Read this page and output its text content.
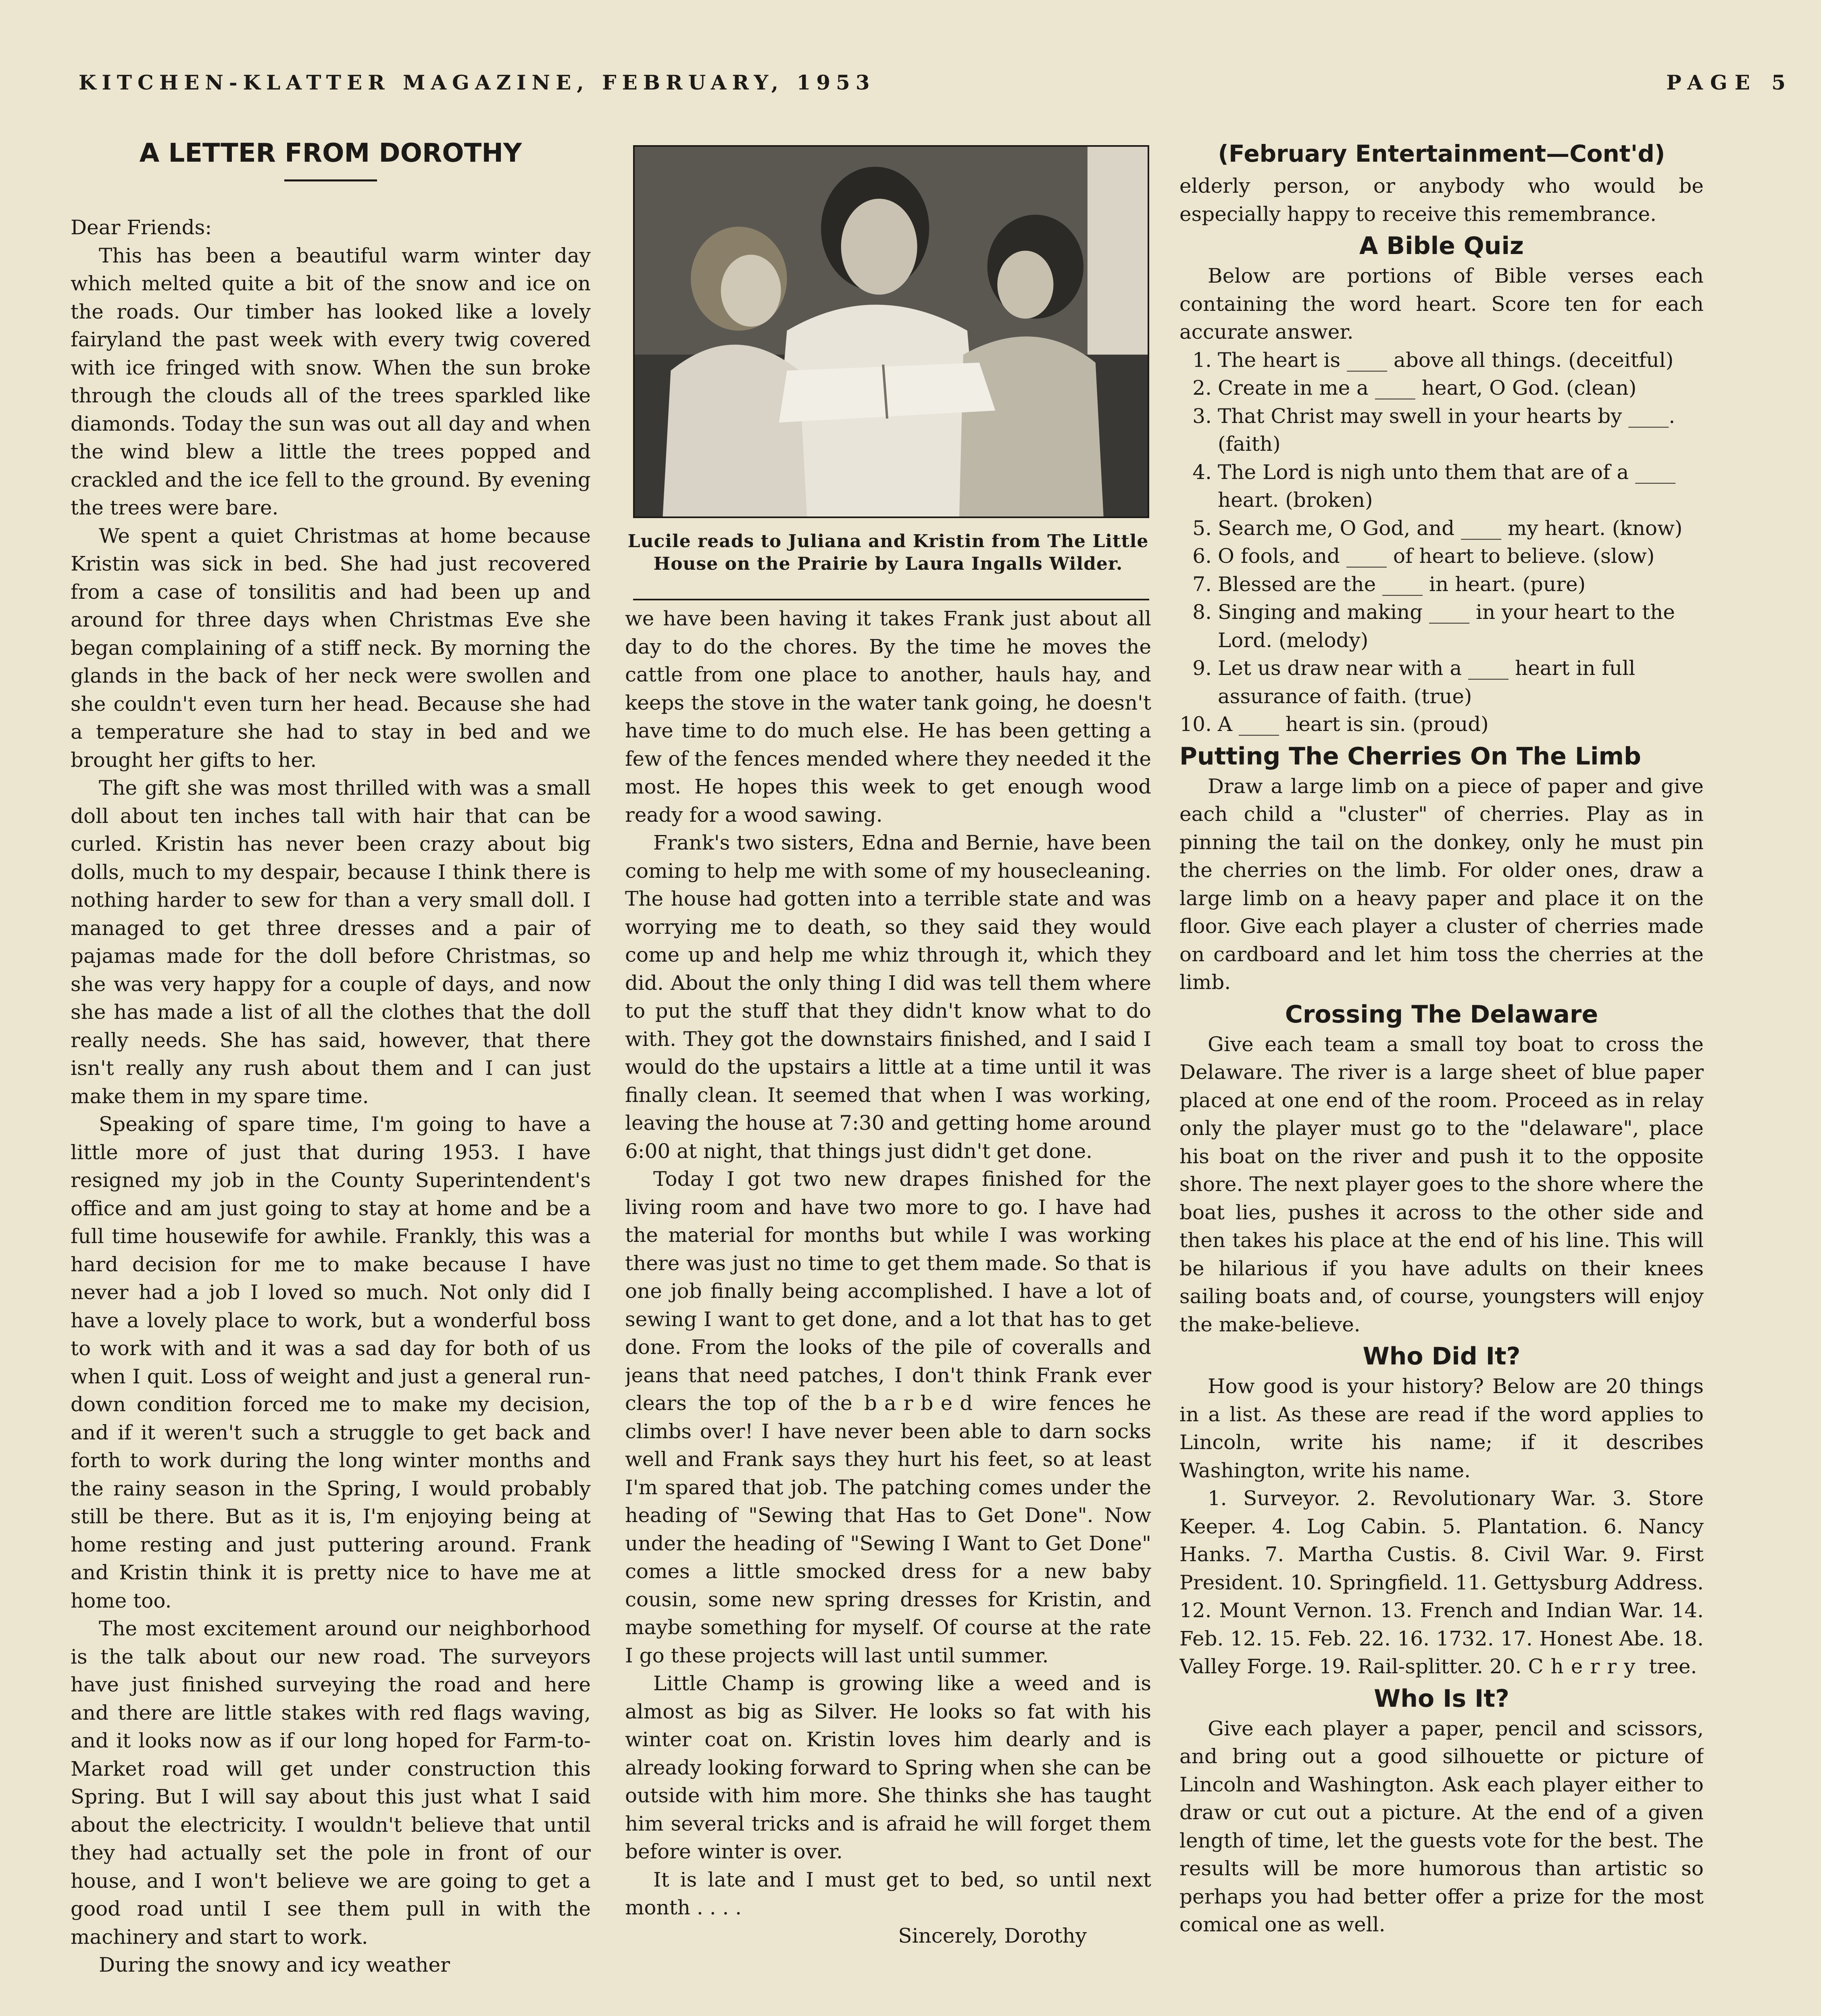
KITCHEN-KLATTER MAGAZINE, FEBRUARY, 1953	PAGE 5
A LETTER FROM DOROTHY

Dear Friends:

This has been a beautiful warm winter day which melted quite a bit of the snow and ice on the roads. Our timber has looked like a lovely fairyland the past week with every twig covered with ice fringed with snow. When the sun broke through the clouds all of the trees sparkled like diamonds. Today the sun was out all day and when the wind blew a little the trees popped and crackled and the ice fell to the ground. By evening the trees were bare.

We spent a quiet Christmas at home because Kristin was sick in bed. She had just recovered from a case of tonsilitis and had been up and around for three days when Christmas Eve she began complaining of a stiff neck. By morning the glands in the back of her neck were swollen and she couldn't even turn her head. Because she had a temperature she had to stay in bed and we brought her gifts to her.

The gift she was most thrilled with was a small doll about ten inches tall with hair that can be curled. Kristin has never been crazy about big dolls, much to my despair, because I think there is nothing harder to sew for than a very small doll. I managed to get three dresses and a pair of pajamas made for the doll before Christmas, so she was very happy for a couple of days, and now she has made a list of all the clothes that the doll really needs. She has said, however, that there isn't really any rush about them and I can just make them in my spare time.

Speaking of spare time, I'm going to have a little more of just that during 1953. I have resigned my job in the County Superintendent's office and am just going to stay at home and be a full time housewife for awhile. Frankly, this was a hard decision for me to make because I have never had a job I loved so much. Not only did I have a lovely place to work, but a wonderful boss to work with and it was a sad day for both of us when I quit. Loss of weight and just a general run-down condition forced me to make my decision, and if it weren't such a struggle to get back and forth to work during the long winter months and the rainy season in the Spring, I would probably still be there. But as it is, I'm enjoying being at home resting and just puttering around. Frank and Kristin think it is pretty nice to have me at home too.

The most excitement around our neighborhood is the talk about our new road. The surveyors have just finished surveying the road and here and there are little stakes with red flags waving, and it looks now as if our long hoped for Farm-to-Market road will get under construction this Spring. But I will say about this just what I said about the electricity. I wouldn't believe that until they had actually set the pole in front of our house, and I won't believe we are going to get a good road until I see them pull in with the machinery and start to work.

During the snowy and icy weather

Lucile reads to Juliana and Kristin from The Little House on the Prairie by Laura Ingalls Wilder.

we have been having it takes Frank just about all day to do the chores. By the time he moves the cattle from one place to another, hauls hay, and keeps the stove in the water tank going, he doesn't have time to do much else. He has been getting a few of the fences mended where they needed it the most. He hopes this week to get enough wood ready for a wood sawing.

Frank's two sisters, Edna and Bernie, have been coming to help me with some of my housecleaning. The house had gotten into a terrible state and was worrying me to death, so they said they would come up and help me whiz through it, which they did. About the only thing I did was tell them where to put the stuff that they didn't know what to do with. They got the downstairs finished, and I said I would do the upstairs a little at a time until it was finally clean. It seemed that when I was working, leaving the house at 7:30 and getting home around 6:00 at night, that things just didn't get done.

Today I got two new drapes finished for the living room and have two more to go. I have had the material for months but while I was working there was just no time to get them made. So that is one job finally being accomplished. I have a lot of sewing I want to get done, and a lot that has to get done. From the looks of the pile of coveralls and jeans that need patches, I don't think Frank ever clears the top of the barbed wire fences he climbs over! I have never been able to darn socks well and Frank says they hurt his feet, so at least I'm spared that job. The patching comes under the heading of "Sewing that Has to Get Done". Now under the heading of "Sewing I Want to Get Done" comes a little smocked dress for a new baby cousin, some new spring dresses for Kristin, and maybe something for myself. Of course at the rate I go these projects will last until summer.

Little Champ is growing like a weed and is almost as big as Silver. He looks so fat with his winter coat on. Kristin loves him dearly and is already looking forward to Spring when she can be outside with him more. She thinks she has taught him several tricks and is afraid he will forget them before winter is over.

It is late and I must get to bed, so until next month . . . .

Sincerely, Dorothy

(February Entertainment—Cont'd)

elderly person, or anybody who would be especially happy to receive this remembrance.

A Bible Quiz

Below are portions of Bible verses each containing the word heart. Score ten for each accurate answer.

1. The heart is ____ above all things. (deceitful)
2. Create in me a ____ heart, O God. (clean)
3. That Christ may swell in your hearts by ____. (faith)
4. The Lord is nigh unto them that are of a ____ heart. (broken)
5. Search me, O God, and ____ my heart. (know)
6. O fools, and ____ of heart to believe. (slow)
7. Blessed are the ____ in heart. (pure)
8. Singing and making ____ in your heart to the Lord. (melody)
9. Let us draw near with a ____ heart in full assurance of faith. (true)
10. A ____ heart is sin. (proud)
Putting The Cherries On The Limb

Draw a large limb on a piece of paper and give each child a "cluster" of cherries. Play as in pinning the tail on the donkey, only he must pin the cherries on the limb. For older ones, draw a large limb on a heavy paper and place it on the floor. Give each player a cluster of cherries made on cardboard and let him toss the cherries at the limb.

Crossing The Delaware

Give each team a small toy boat to cross the Delaware. The river is a large sheet of blue paper placed at one end of the room. Proceed as in relay only the player must go to the "delaware", place his boat on the river and push it to the opposite shore. The next player goes to the shore where the boat lies, pushes it across to the other side and then takes his place at the end of his line. This will be hilarious if you have adults on their knees sailing boats and, of course, youngsters will enjoy the make-believe.

Who Did It?

How good is your history? Below are 20 things in a list. As these are read if the word applies to Lincoln, write his name; if it describes Washington, write his name.

1. Surveyor. 2. Revolutionary War. 3. Store Keeper. 4. Log Cabin. 5. Plantation. 6. Nancy Hanks. 7. Martha Custis. 8. Civil War. 9. First President. 10. Springfield. 11. Gettysburg Address. 12. Mount Vernon. 13. French and Indian War. 14. Feb. 12. 15. Feb. 22. 16. 1732. 17. Honest Abe. 18. Valley Forge. 19. Rail-splitter. 20. Cherry tree.

Who Is It?

Give each player a paper, pencil and scissors, and bring out a good silhouette or picture of Lincoln and Washington. Ask each player either to draw or cut out a picture. At the end of a given length of time, let the guests vote for the best. The results will be more humorous than artistic so perhaps you had better offer a prize for the most comical one as well.
